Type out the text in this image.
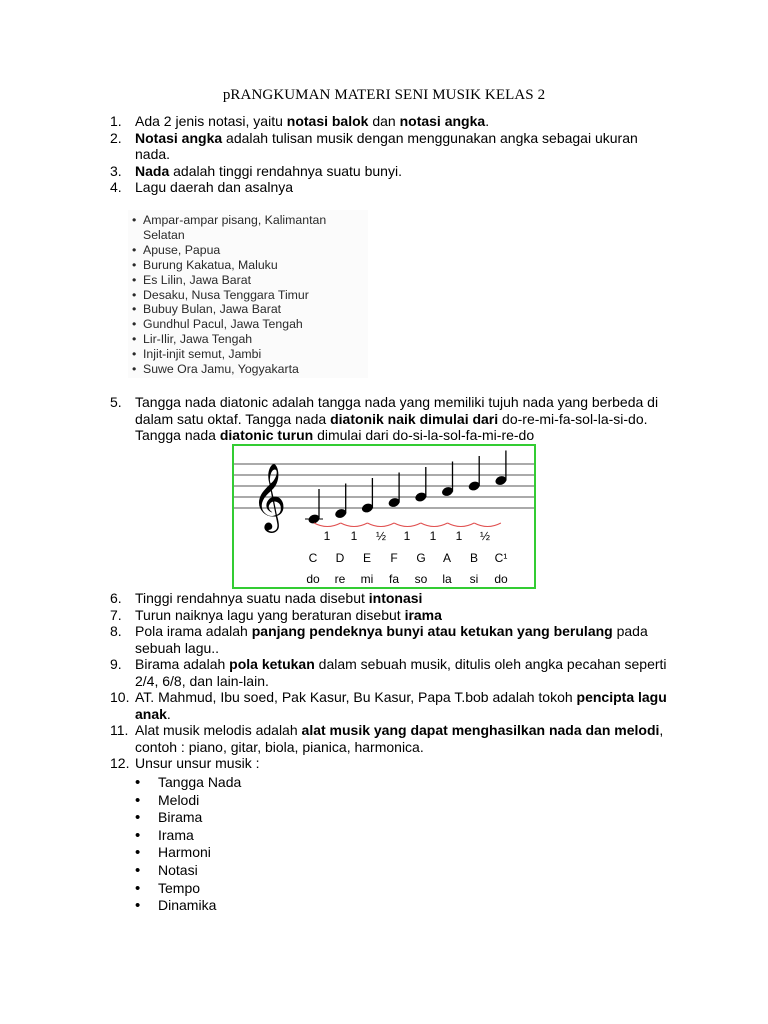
pRANGKUMAN MATERI SENI MUSIK KELAS 2
1. Ada 2 jenis notasi, yaitu notasi balok dan notasi angka.
2. Notasi angka adalah tulisan musik dengan menggunakan angka sebagai ukuran
nada.
3. Nada adalah tinggi rendahnya suatu bunyi.
4. Lagu daerah dan asalnya
• Ampar-ampar pisang, Kalimantan
Selatan
• Apuse, Papua
• Burung Kakatua, Maluku
• Es Lilin, Jawa Barat
• Desaku, Nusa Tenggara Timur
• Bubuy Bulan, Jawa Barat
• Gundhul Pacul, Jawa Tengah
• Lir-Ilir, Jawa Tengah
• Injit-injit semut, Jambi
• Suwe Ora Jamu, Yogyakarta
5. Tangga nada diatonic adalah tangga nada yang memiliki tujuh nada yang berbeda di
dalam satu oktaf. Tangga nada diatonik naik dimulai dari do-re-mi-fa-sol-la-si-do.
Tangga nada diatonic turun dimulai dari do-si-la-sol-fa-mi-re-do
𝄞
1 1 ½ 1 1 1 ½
C D E F G A B C¹
do re mi fa so la si do
6. Tinggi rendahnya suatu nada disebut intonasi
7. Turun naiknya lagu yang beraturan disebut irama
8. Pola irama adalah panjang pendeknya bunyi atau ketukan yang berulang pada
sebuah lagu..
9. Birama adalah pola ketukan dalam sebuah musik, ditulis oleh angka pecahan seperti
2/4, 6/8, dan lain-lain.
10. AT. Mahmud, Ibu soed, Pak Kasur, Bu Kasur, Papa T.bob adalah tokoh pencipta lagu
anak.
11. Alat musik melodis adalah alat musik yang dapat menghasilkan nada dan melodi,
contoh : piano, gitar, biola, pianica, harmonica.
12. Unsur unsur musik :
• Tangga Nada
• Melodi
• Birama
• Irama
• Harmoni
• Notasi
• Tempo
• Dinamika
